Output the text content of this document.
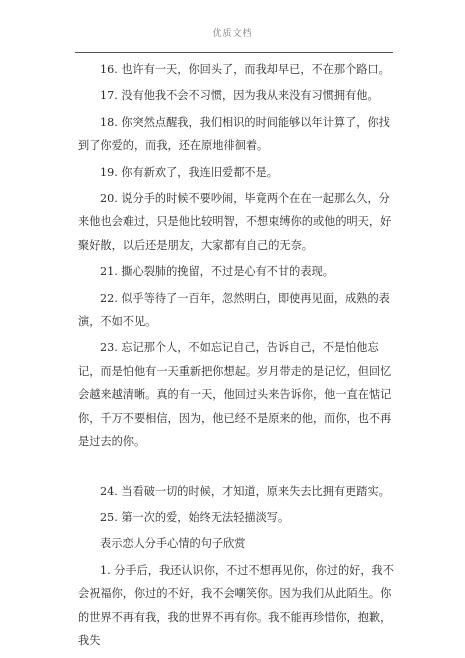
优质文档

16. 也许有一天，你回头了，而我却早已，不在那个路口。

17. 没有他我不会不习惯，因为我从来没有习惯拥有他。

18. 你突然点醒我，我们相识的时间能够以年计算了，你找到了你爱的，而我，还在原地徘徊着。

19. 你有新欢了，我连旧爱都不是。

20. 说分手的时候不要吵闹，毕竟两个在在一起那么久，分来他也会难过，只是他比较明智，不想束缚你的或他的明天，好聚好散，以后还是朋友，大家都有自己的无奈。

21. 撕心裂肺的挽留，不过是心有不甘的表现。

22. 似乎等待了一百年，忽然明白，即使再见面，成熟的表演，不如不见。

23. 忘记那个人，不如忘记自己，告诉自己，不是怕他忘记，而是怕他有一天重新把你想起。岁月带走的是记忆，但回忆会越来越清晰。真的有一天，他回过头来告诉你，他一直在惦记你，千万不要相信，因为，他已经不是原来的他，而你，也不再是过去的你。

24. 当看破一切的时候，才知道，原来失去比拥有更踏实。

25. 第一次的爱，始终无法轻描淡写。

表示恋人分手心情的句子欣赏

1. 分手后，我还认识你，不过不想再见你，你过的好，我不会祝福你，你过的不好，我不会嘲笑你。因为我们从此陌生。你的世界不再有我，我的世界不再有你。我不能再珍惜你，抱歉，我失
